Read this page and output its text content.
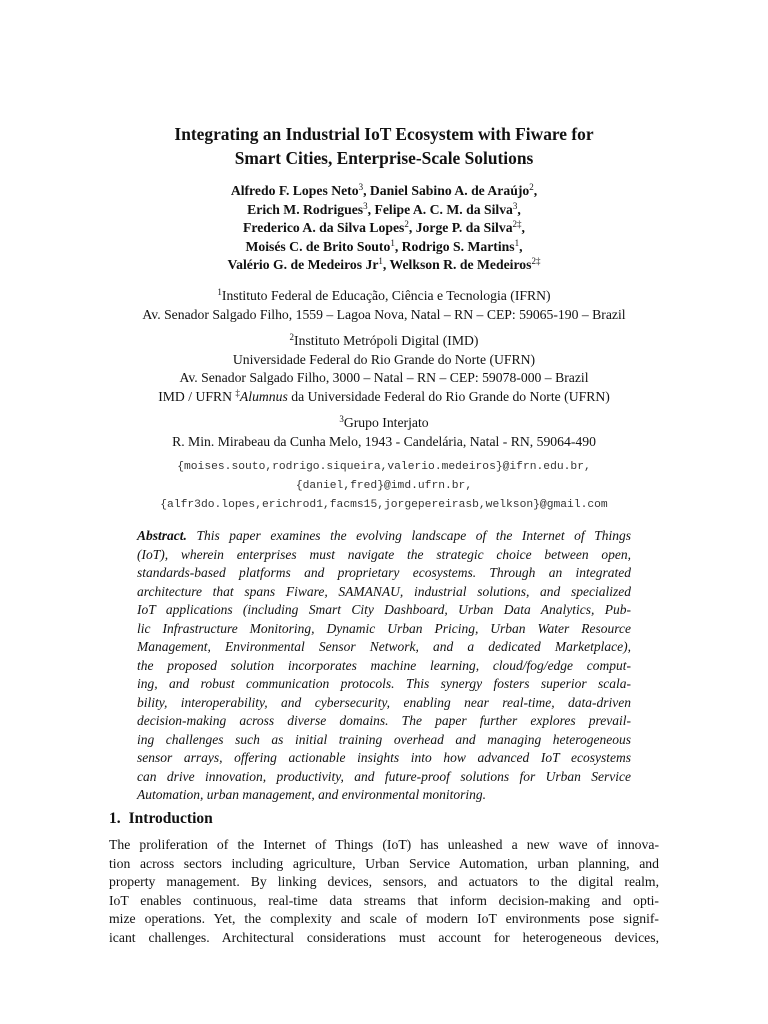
Integrating an Industrial IoT Ecosystem with Fiware for
Smart Cities, Enterprise-Scale Solutions
Alfredo F. Lopes Neto$^3$, Daniel Sabino A. de Araújo$^2$,
Erich M. Rodrigues$^3$, Felipe A. C. M. da Silva$^3$,
Frederico A. da Silva Lopes$^2$, Jorge P. da Silva$^{2\ddagger}$,
Moisés C. de Brito Souto$^1$, Rodrigo S. Martins$^1$,
Valério G. de Medeiros Jr$^1$, Welkson R. de Medeiros$^{2\ddagger}$
$^1$Instituto Federal de Educação, Ciência e Tecnologia (IFRN)
Av. Senador Salgado Filho, 1559 – Lagoa Nova, Natal – RN – CEP: 59065-190 – Brazil
$^2$Instituto Metrópoli Digital (IMD)
Universidade Federal do Rio Grande do Norte (UFRN)
Av. Senador Salgado Filho, 3000 – Natal – RN – CEP: 59078-000 – Brazil
IMD / UFRN ‡Alumnus da Universidade Federal do Rio Grande do Norte (UFRN)
$^3$Grupo Interjato
R. Min. Mirabeau da Cunha Melo, 1943 - Candelária, Natal - RN, 59064-490
{moises.souto,rodrigo.siqueira,valerio.medeiros}@ifrn.edu.br,
{daniel,fred}@imd.ufrn.br,
{alfr3do.lopes,erichrod1,facms15,jorgepereirasb,welkson}@gmail.com
Abstract. This paper examines the evolving landscape of the Internet of Things
(IoT), wherein enterprises must navigate the strategic choice between open,
standards-based platforms and proprietary ecosystems. Through an integrated
architecture that spans Fiware, SAMANAU, industrial solutions, and specialized
IoT applications (including Smart City Dashboard, Urban Data Analytics, Pub-
lic Infrastructure Monitoring, Dynamic Urban Pricing, Urban Water Resource
Management, Environmental Sensor Network, and a dedicated Marketplace),
the proposed solution incorporates machine learning, cloud/fog/edge comput-
ing, and robust communication protocols. This synergy fosters superior scala-
bility, interoperability, and cybersecurity, enabling near real-time, data-driven
decision-making across diverse domains. The paper further explores prevail-
ing challenges such as initial training overhead and managing heterogeneous
sensor arrays, offering actionable insights into how advanced IoT ecosystems
can drive innovation, productivity, and future-proof solutions for Urban Service
Automation, urban management, and environmental monitoring.
1. Introduction
The proliferation of the Internet of Things (IoT) has unleashed a new wave of innova-
tion across sectors including agriculture, Urban Service Automation, urban planning, and
property management. By linking devices, sensors, and actuators to the digital realm,
IoT enables continuous, real-time data streams that inform decision-making and opti-
mize operations. Yet, the complexity and scale of modern IoT environments pose signif-
icant challenges. Architectural considerations must account for heterogeneous devices,
